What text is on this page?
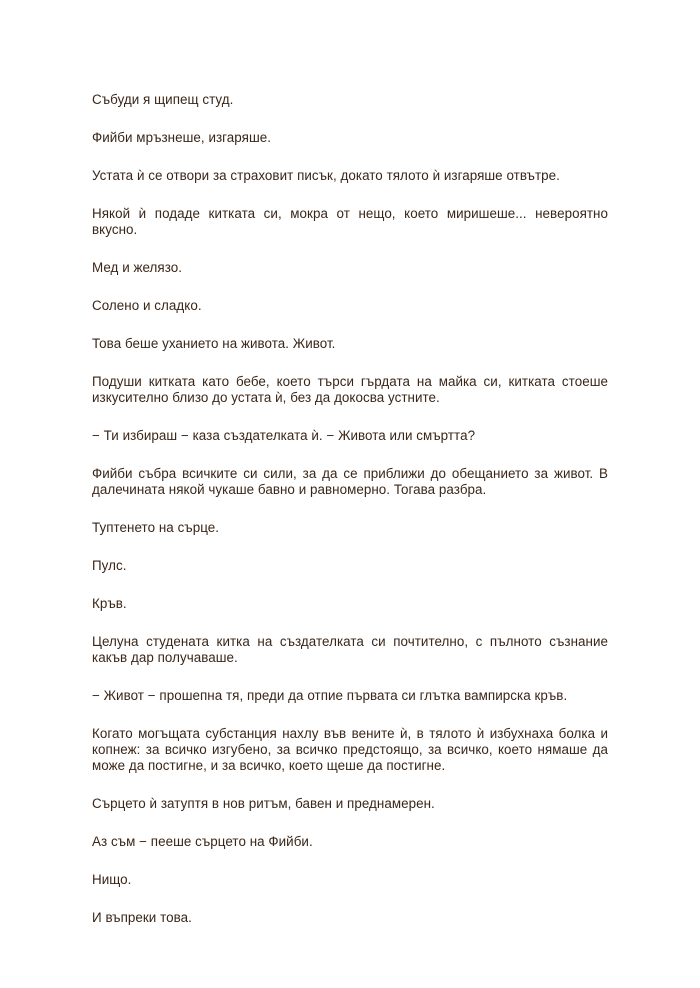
Събуди я щипещ студ.

Фийби мръзнеше, изгаряше.

Устата ѝ се отвори за страховит писък, докато тялото ѝ изгаряше отвътре.

Някой ѝ подаде китката си, мокра от нещо, което миришеше... невероятно вкусно.

Мед и желязо.

Солено и сладко.

Това беше уханието на живота. Живот.

Подуши китката като бебе, което търси гърдата на майка си, китката стоеше изкусително близо до устата ѝ, без да докосва устните.

− Ти избираш − каза създателката ѝ. − Живота или смъртта?

Фийби събра всичките си сили, за да се приближи до обещанието за живот. В далечината някой чукаше бавно и равномерно. Тогава разбра.

Туптенето на сърце.

Пулс.

Кръв.

Целуна студената китка на създателката си почтително, с пълното съзнание какъв дар получаваше.

− Живот − прошепна тя, преди да отпие първата си глътка вампирска кръв.

Когато могъщата субстанция нахлу във вените ѝ, в тялото ѝ избухнаха болка и копнеж: за всичко изгубено, за всичко предстоящо, за всичко, което нямаше да може да постигне, и за всичко, което щеше да постигне.

Сърцето ѝ затуптя в нов ритъм, бавен и преднамерен.

Аз съм − пееше сърцето на Фийби.

Нищо.

И въпреки това.
